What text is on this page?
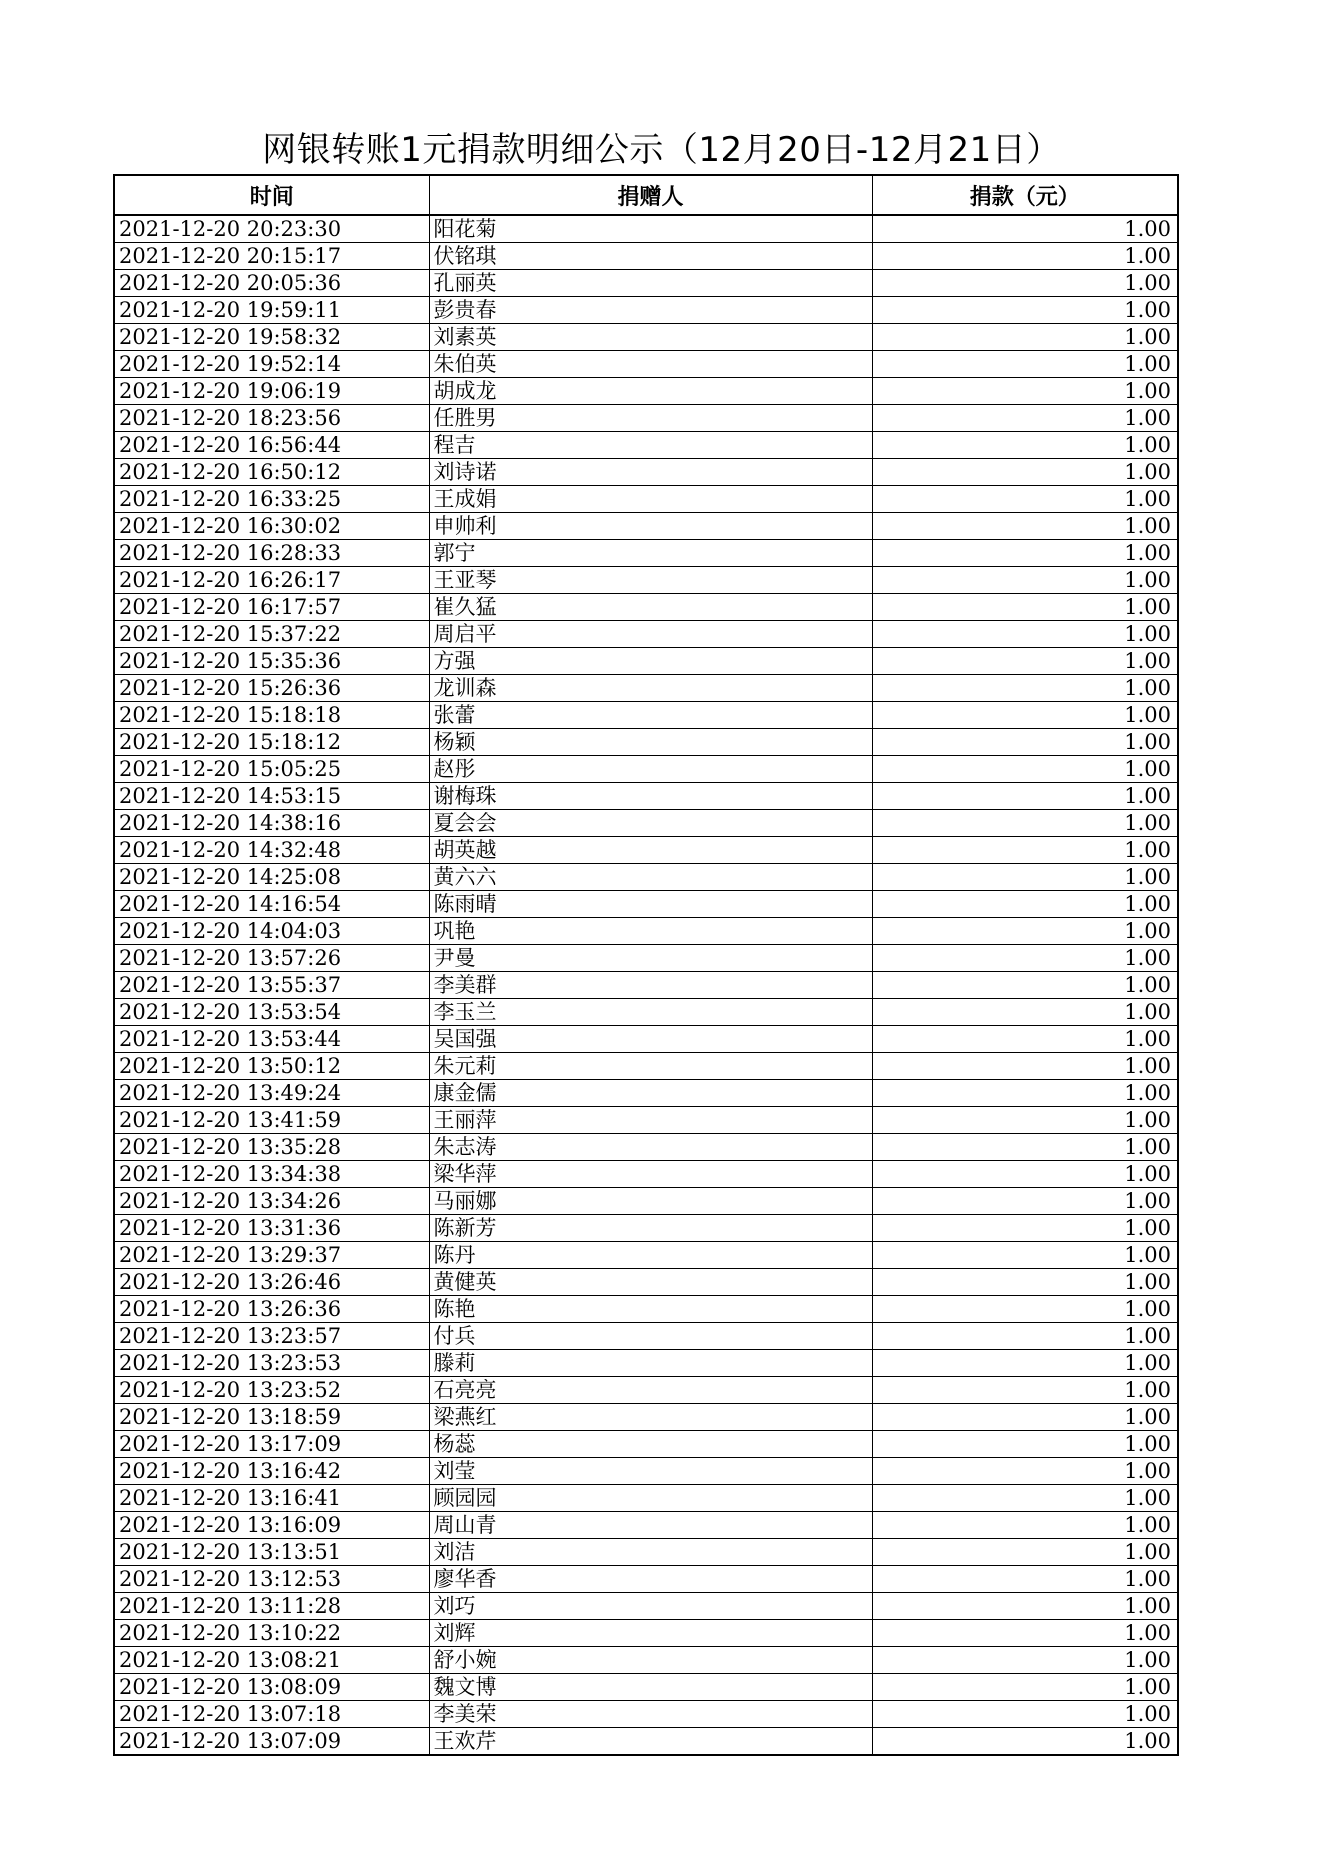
网银转账1元捐款明细公示（12月20日-12月21日）
时间	捐赠人	捐款（元）
2021-12-20 20:23:30	阳花菊	1.00
2021-12-20 20:15:17	伏铭琪	1.00
2021-12-20 20:05:36	孔丽英	1.00
2021-12-20 19:59:11	彭贵春	1.00
2021-12-20 19:58:32	刘素英	1.00
2021-12-20 19:52:14	朱伯英	1.00
2021-12-20 19:06:19	胡成龙	1.00
2021-12-20 18:23:56	任胜男	1.00
2021-12-20 16:56:44	程吉	1.00
2021-12-20 16:50:12	刘诗诺	1.00
2021-12-20 16:33:25	王成娟	1.00
2021-12-20 16:30:02	申帅利	1.00
2021-12-20 16:28:33	郭宁	1.00
2021-12-20 16:26:17	王亚琴	1.00
2021-12-20 16:17:57	崔久猛	1.00
2021-12-20 15:37:22	周启平	1.00
2021-12-20 15:35:36	方强	1.00
2021-12-20 15:26:36	龙训森	1.00
2021-12-20 15:18:18	张蕾	1.00
2021-12-20 15:18:12	杨颖	1.00
2021-12-20 15:05:25	赵彤	1.00
2021-12-20 14:53:15	谢梅珠	1.00
2021-12-20 14:38:16	夏会会	1.00
2021-12-20 14:32:48	胡英越	1.00
2021-12-20 14:25:08	黄六六	1.00
2021-12-20 14:16:54	陈雨晴	1.00
2021-12-20 14:04:03	巩艳	1.00
2021-12-20 13:57:26	尹曼	1.00
2021-12-20 13:55:37	李美群	1.00
2021-12-20 13:53:54	李玉兰	1.00
2021-12-20 13:53:44	吴国强	1.00
2021-12-20 13:50:12	朱元莉	1.00
2021-12-20 13:49:24	康金儒	1.00
2021-12-20 13:41:59	王丽萍	1.00
2021-12-20 13:35:28	朱志涛	1.00
2021-12-20 13:34:38	梁华萍	1.00
2021-12-20 13:34:26	马丽娜	1.00
2021-12-20 13:31:36	陈新芳	1.00
2021-12-20 13:29:37	陈丹	1.00
2021-12-20 13:26:46	黄健英	1.00
2021-12-20 13:26:36	陈艳	1.00
2021-12-20 13:23:57	付兵	1.00
2021-12-20 13:23:53	滕莉	1.00
2021-12-20 13:23:52	石亮亮	1.00
2021-12-20 13:18:59	梁燕红	1.00
2021-12-20 13:17:09	杨蕊	1.00
2021-12-20 13:16:42	刘莹	1.00
2021-12-20 13:16:41	顾园园	1.00
2021-12-20 13:16:09	周山青	1.00
2021-12-20 13:13:51	刘洁	1.00
2021-12-20 13:12:53	廖华香	1.00
2021-12-20 13:11:28	刘巧	1.00
2021-12-20 13:10:22	刘辉	1.00
2021-12-20 13:08:21	舒小婉	1.00
2021-12-20 13:08:09	魏文博	1.00
2021-12-20 13:07:18	李美荣	1.00
2021-12-20 13:07:09	王欢芹	1.00
